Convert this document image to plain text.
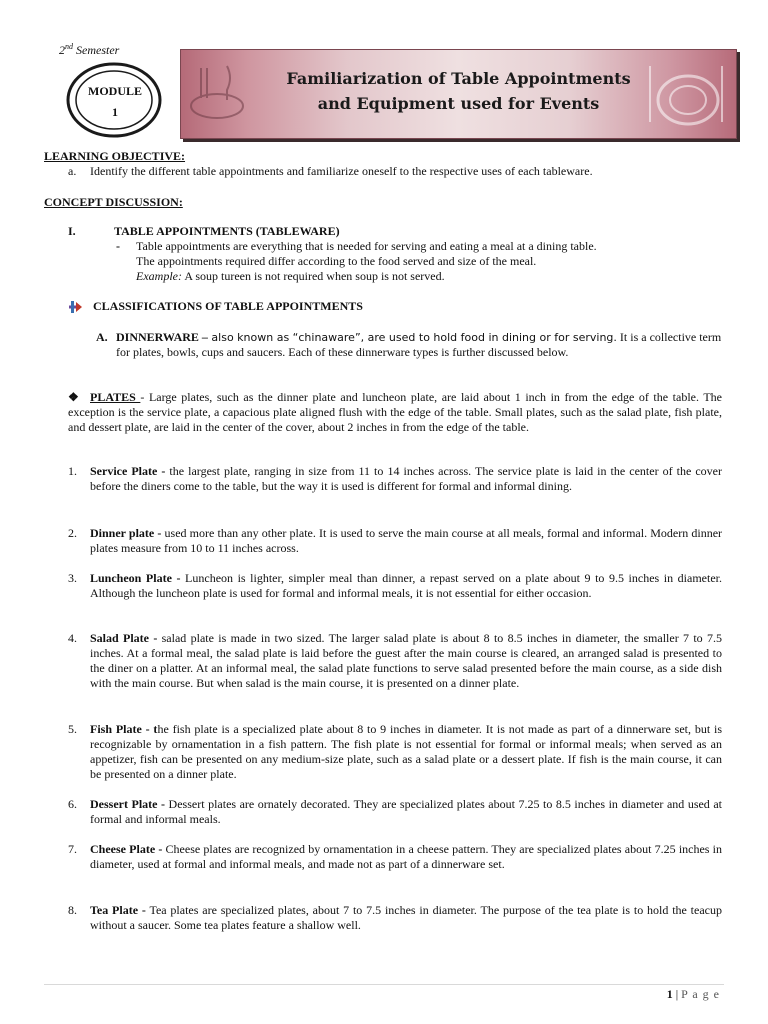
2nd Semester
MODULE
1
Familiarization of Table Appointments
and Equipment used for Events
LEARNING OBJECTIVE:
a. Identify the different table appointments and familiarize oneself to the respective uses of each tableware.
CONCEPT DISCUSSION:
I.	TABLE APPOINTMENTS (TABLEWARE)
- Table appointments are everything that is needed for serving and eating a meal at a dining table.
The appointments required differ according to the food served and size of the meal.
Example: A soup tureen is not required when soup is not served.
CLASSIFICATIONS OF TABLE APPOINTMENTS
A. DINNERWARE – also known as “chinaware”, are used to hold food in dining or for serving. It is a collective term for plates, bowls, cups and saucers. Each of these dinnerware types is further discussed below.
❖ PLATES - Large plates, such as the dinner plate and luncheon plate, are laid about 1 inch in from the edge of the table. The exception is the service plate, a capacious plate aligned flush with the edge of the table. Small plates, such as the salad plate, fish plate, and dessert plate, are laid in the center of the cover, about 2 inches in from the edge of the table.
1. Service Plate - the largest plate, ranging in size from 11 to 14 inches across. The service plate is laid in the center of the cover before the diners come to the table, but the way it is used is different for formal and informal dining.
2. Dinner plate - used more than any other plate. It is used to serve the main course at all meals, formal and informal. Modern dinner plates measure from 10 to 11 inches across.
3. Luncheon Plate - Luncheon is lighter, simpler meal than dinner, a repast served on a plate about 9 to 9.5 inches in diameter. Although the luncheon plate is used for formal and informal meals, it is not essential for either occasion.
4. Salad Plate - salad plate is made in two sized. The larger salad plate is about 8 to 8.5 inches in diameter, the smaller 7 to 7.5 inches. At a formal meal, the salad plate is laid before the guest after the main course is cleared, an arranged salad is presented to the diner on a platter. At an informal meal, the salad plate functions to serve salad presented before the main course, as a side dish with the main course. But when salad is the main course, it is presented on a dinner plate.
5. Fish Plate - the fish plate is a specialized plate about 8 to 9 inches in diameter. It is not made as part of a dinnerware set, but is recognizable by ornamentation in a fish pattern. The fish plate is not essential for formal or informal meals; when served as an appetizer, fish can be presented on any medium-size plate, such as a salad plate or a dessert plate. If fish is the main course, it can be presented on a dinner plate.
6. Dessert Plate - Dessert plates are ornately decorated. They are specialized plates about 7.25 to 8.5 inches in diameter and used at formal and informal meals.
7. Cheese Plate - Cheese plates are recognized by ornamentation in a cheese pattern. They are specialized plates about 7.25 inches in diameter, used at formal and informal meals, and made not as part of a dinnerware set.
8. Tea Plate - Tea plates are specialized plates, about 7 to 7.5 inches in diameter. The purpose of the tea plate is to hold the teacup without a saucer. Some tea plates feature a shallow well.
1 | P a g e
